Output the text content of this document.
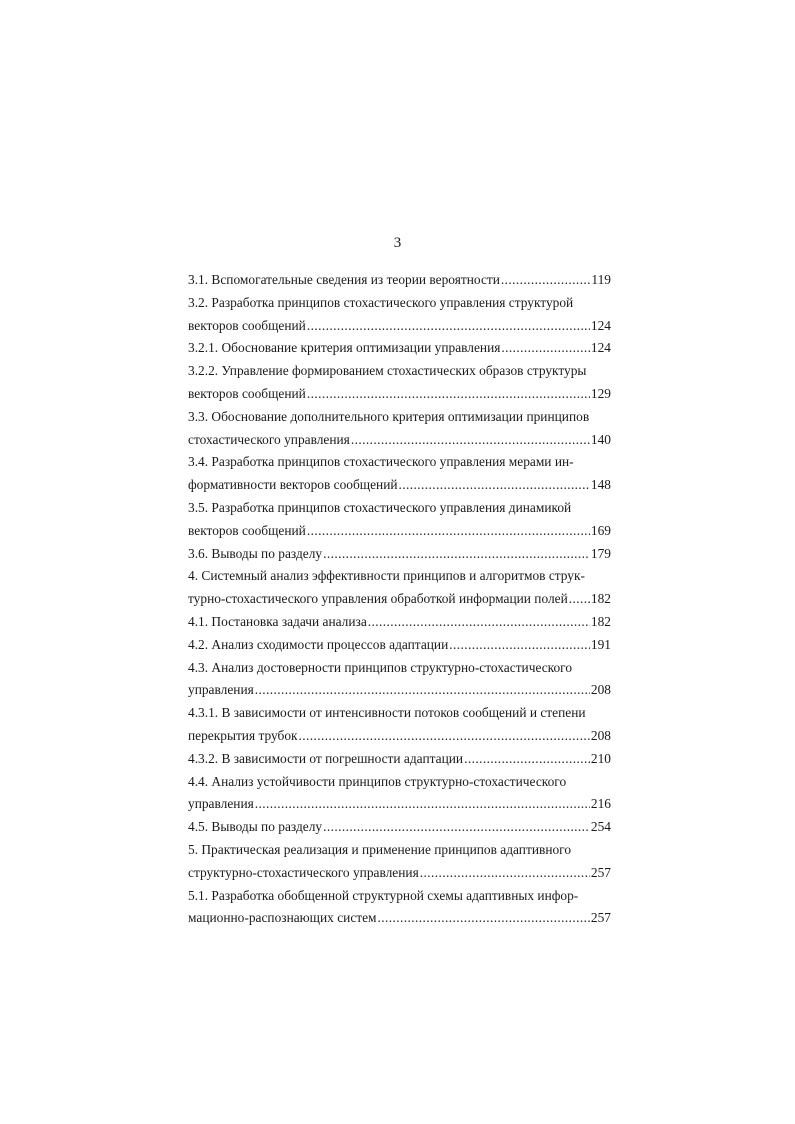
3
3.1. Вспомогательные сведения из теории вероятности .....	119
3.2. Разработка принципов стохастического управления структурой
векторов сообщений .....	124
3.2.1. Обоснование критерия оптимизации управления .....	124
3.2.2. Управление формированием стохастических образов структуры
векторов сообщений .....	129
3.3. Обоснование дополнительного критерия оптимизации принципов
стохастического управления .....	140
3.4. Разработка принципов стохастического управления мерами ин-
формативности векторов сообщений .....	148
3.5. Разработка принципов стохастического управления динамикой
векторов сообщений .....	169
3.6. Выводы по разделу .....	179
4. Системный анализ эффективности принципов и алгоритмов струк-
турно-стохастического управления обработкой информации полей ..... 182
4.1. Постановка задачи анализа .....	182
4.2. Анализ сходимости процессов адаптации .....	191
4.3. Анализ достоверности принципов структурно-стохастического
управления .....	208
4.3.1. В зависимости от интенсивности потоков сообщений и степени
перекрытия трубок .....	208
4.3.2. В зависимости от погрешности адаптации .....	210
4.4. Анализ устойчивости принципов структурно-стохастического
управления .....	216
4.5. Выводы по разделу .....	254
5. Практическая реализация и применение принципов адаптивного
структурно-стохастического управления .....	257
5.1. Разработка обобщенной структурной схемы адаптивных инфор-
мационно-распознающих систем .....	257
